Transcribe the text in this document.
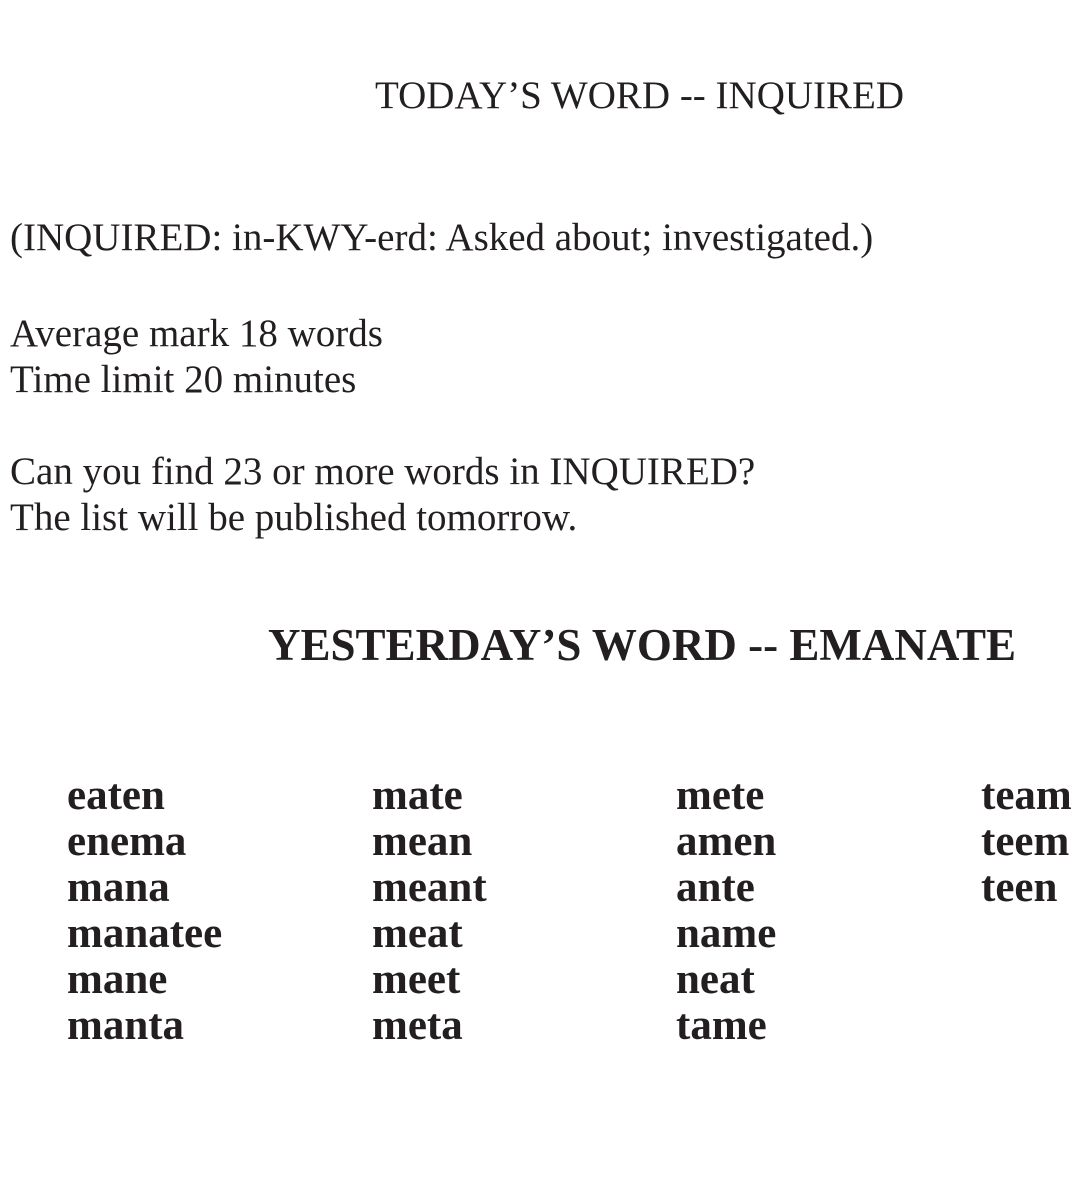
TODAY’S WORD -- INQUIRED

(INQUIRED: in-KWY-erd: Asked about; investigated.)

Average mark 18 words
Time limit 20 minutes
Can you find 23 or more words in INQUIRED?
The list will be published tomorrow.
YESTERDAY’S WORD -- EMANATE
eaten
enema
mana
manatee
mane
manta
mate
mean
meant
meat
meet
meta
mete
amen
ante
name
neat
tame
team
teem
teen
